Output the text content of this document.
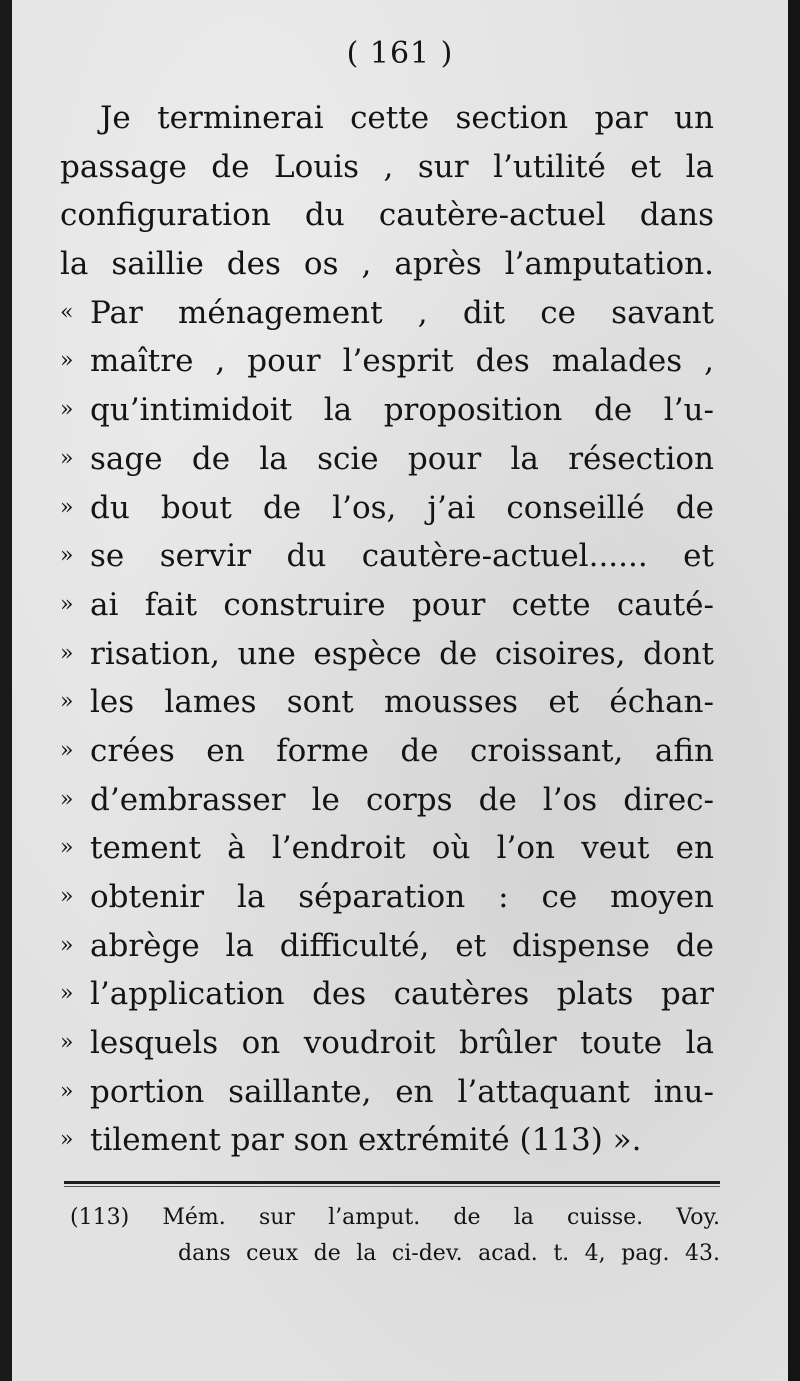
( 161 )
Je terminerai cette section par un
passage de Louis , sur l’utilité et la
configuration du cautère-actuel dans
la saillie des os , après l’amputation.
« Par ménagement , dit ce savant
» maître , pour l’esprit des malades ,
» qu’intimidoit la proposition de l’u-
» sage de la scie pour la résection
» du bout de l’os, j’ai conseillé de
» se servir du cautère-actuel...... et
» ai fait construire pour cette cauté-
» risation, une espèce de cisoires, dont
» les lames sont mousses et échan-
» crées en forme de croissant, afin
» d’embrasser le corps de l’os direc-
» tement à l’endroit où l’on veut en
» obtenir la séparation : ce moyen
» abrège la difficulté, et dispense de
» l’application des cautères plats par
» lesquels on voudroit brûler toute la
» portion saillante, en l’attaquant inu-
» tilement par son extrémité (113) ».
(113) Mém. sur l’amput. de la cuisse. Voy.
dans ceux de la ci-dev. acad. t. 4, pag. 43.
